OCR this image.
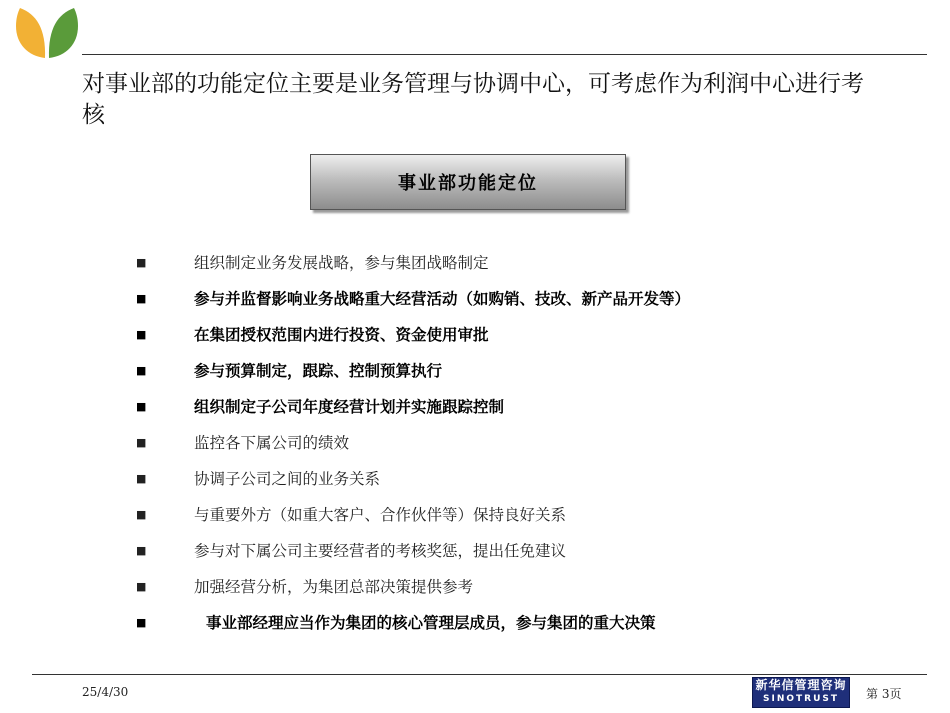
对事业部的功能定位主要是业务管理与协调中心，可考虑作为利润中心进行考核
事业部功能定位
■	组织制定业务发展战略，参与集团战略制定
■	参与并监督影响业务战略重大经营活动（如购销、技改、新产品开发等）
■	在集团授权范围内进行投资、资金使用审批
■	参与预算制定，跟踪、控制预算执行
■	组织制定子公司年度经营计划并实施跟踪控制
■	监控各下属公司的绩效
■	协调子公司之间的业务关系
■	与重要外方（如重大客户、合作伙伴等）保持良好关系
■	参与对下属公司主要经营者的考核奖惩，提出任免建议
■	加强经营分析，为集团总部决策提供参考
■	事业部经理应当作为集团的核心管理层成员，参与集团的重大决策
25/4/30	新华信管理咨询
SINOTRUST	第 3页
